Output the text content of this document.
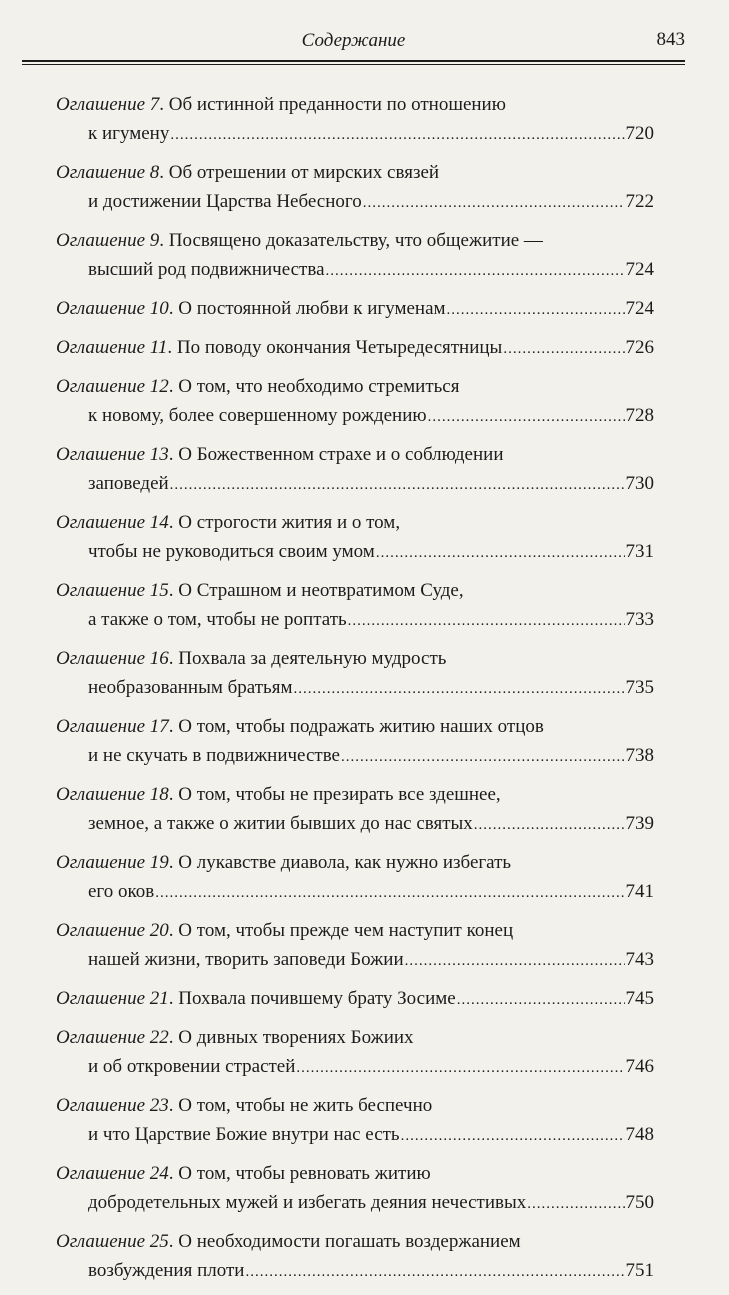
Содержание	843
Оглашение 7 . Об истинной преданности по отношению
к игумену .....	720
Оглашение 8 . Об отрешении от мирских связей
и достижении Царства Небесного .....	722
Оглашение 9 . Посвящено доказательству, что общежитие —
высший род подвижничества .....	724
Оглашение 10 . О постоянной любви к игуменам .....	724
Оглашение 11 . По поводу окончания Четыредесятницы .....	726
Оглашение 12 . О том, что необходимо стремиться
к новому, более совершенному рождению .....	728
Оглашение 13 . О Божественном страхе и о соблюдении
заповедей .....	730
Оглашение 14 . О строгости жития и о том,
чтобы не руководиться своим умом .....	731
Оглашение 15 . О Страшном и неотвратимом Суде,
а также о том, чтобы не роптать .....	733
Оглашение 16 . Похвала за деятельную мудрость
необразованным братьям .....	735
Оглашение 17 . О том, чтобы подражать житию наших отцов
и не скучать в подвижничестве .....	738
Оглашение 18 . О том, чтобы не презирать все здешнее,
земное, а также о житии бывших до нас святых .....	739
Оглашение 19 . О лукавстве диавола, как нужно избегать
его оков .....	741
Оглашение 20 . О том, чтобы прежде чем наступит конец
нашей жизни, творить заповеди Божии .....	743
Оглашение 21 . Похвала почившему брату Зосиме .....	745
Оглашение 22 . О дивных творениях Божиих
и об откровении страстей .....	746
Оглашение 23 . О том, чтобы не жить беспечно
и что Царствие Божие внутри нас есть .....	748
Оглашение 24 . О том, чтобы ревновать житию
добродетельных мужей и избегать деяния нечестивых .....	750
Оглашение 25 . О необходимости погашать воздержанием
возбуждения плоти .....	751
